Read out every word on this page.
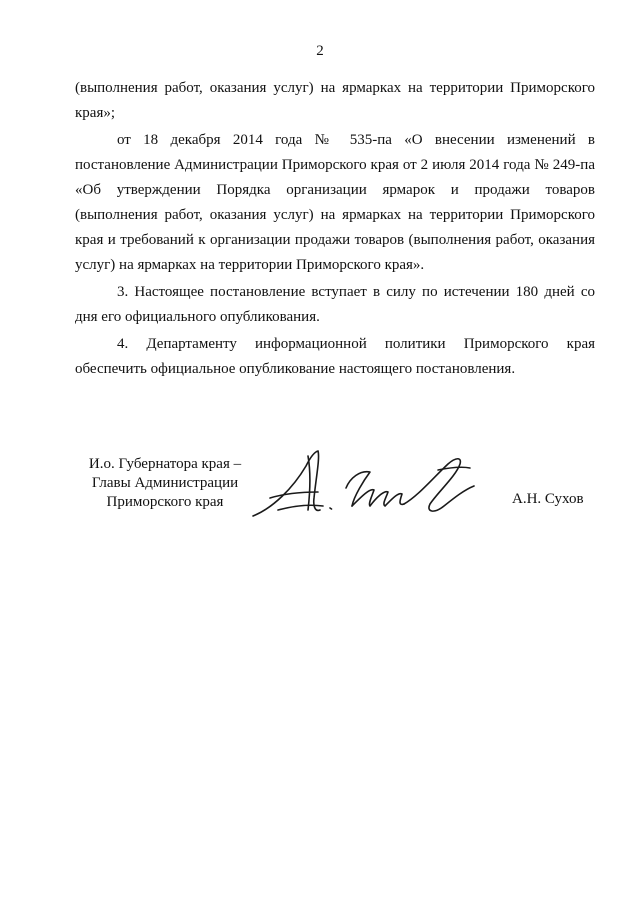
2

(выполнения работ, оказания услуг) на ярмарках на территории Приморского края»;

от 18 декабря 2014 года № 535-па «О внесении изменений в постановление Администрации Приморского края от 2 июля 2014 года № 249-па «Об утверждении Порядка организации ярмарок и продажи товаров (выполнения работ, оказания услуг) на ярмарках на территории Приморского края и требований к организации продажи товаров (выполнения работ, оказания услуг) на ярмарках на территории Приморского края».

3. Настоящее постановление вступает в силу по истечении 180 дней со дня его официального опубликования.

4. Департаменту информационной политики Приморского края обеспечить официальное опубликование настоящего постановления.

И.о. Губернатора края –
Главы Администрации
Приморского края	А.Н. Сухов
